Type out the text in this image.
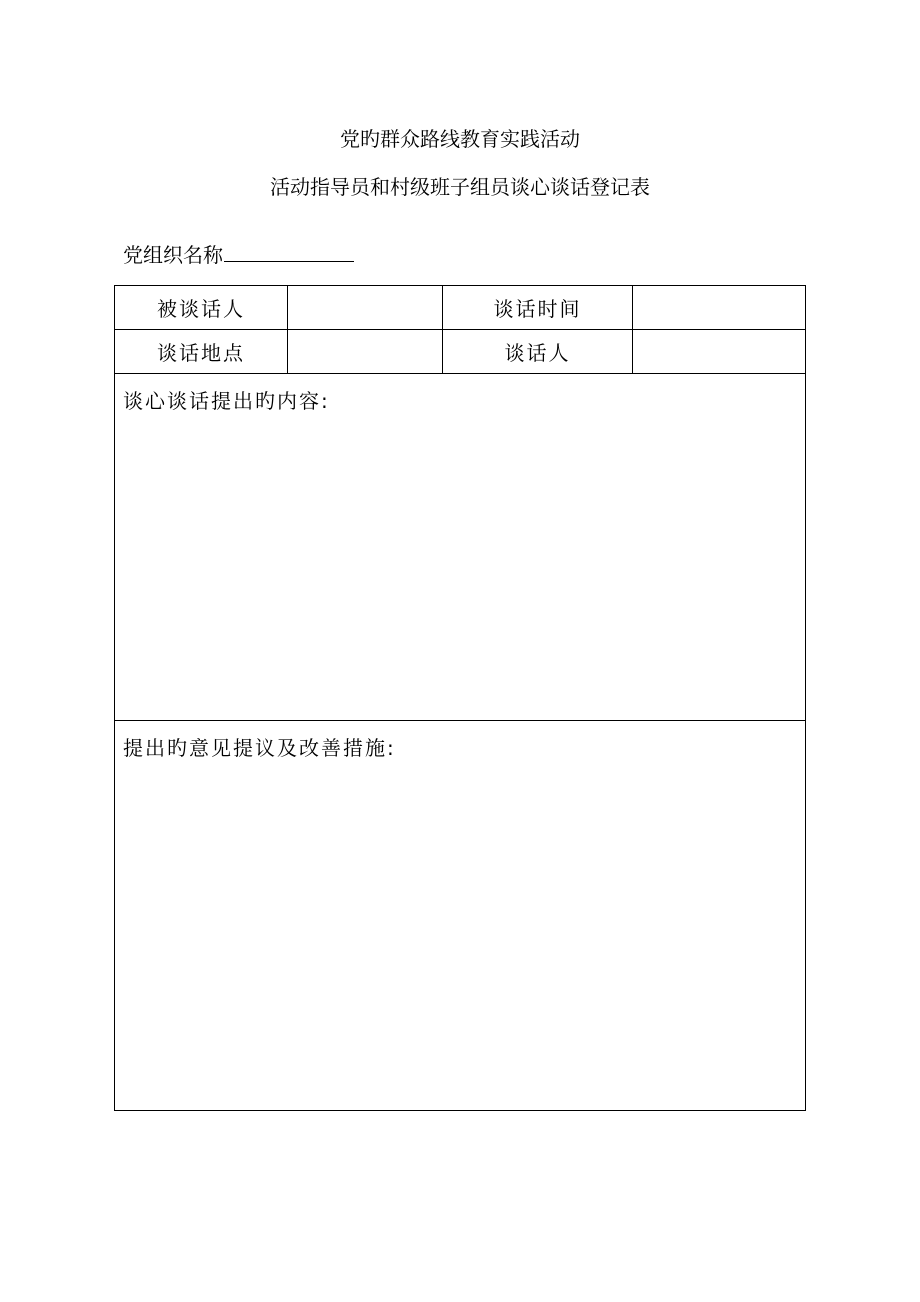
党旳群众路线教育实践活动
活动指导员和村级班子组员谈心谈话登记表
党组织名称
被谈话人	谈话时间
谈话地点	谈话人
谈心谈话提出旳内容:
提出旳意见提议及改善措施:
